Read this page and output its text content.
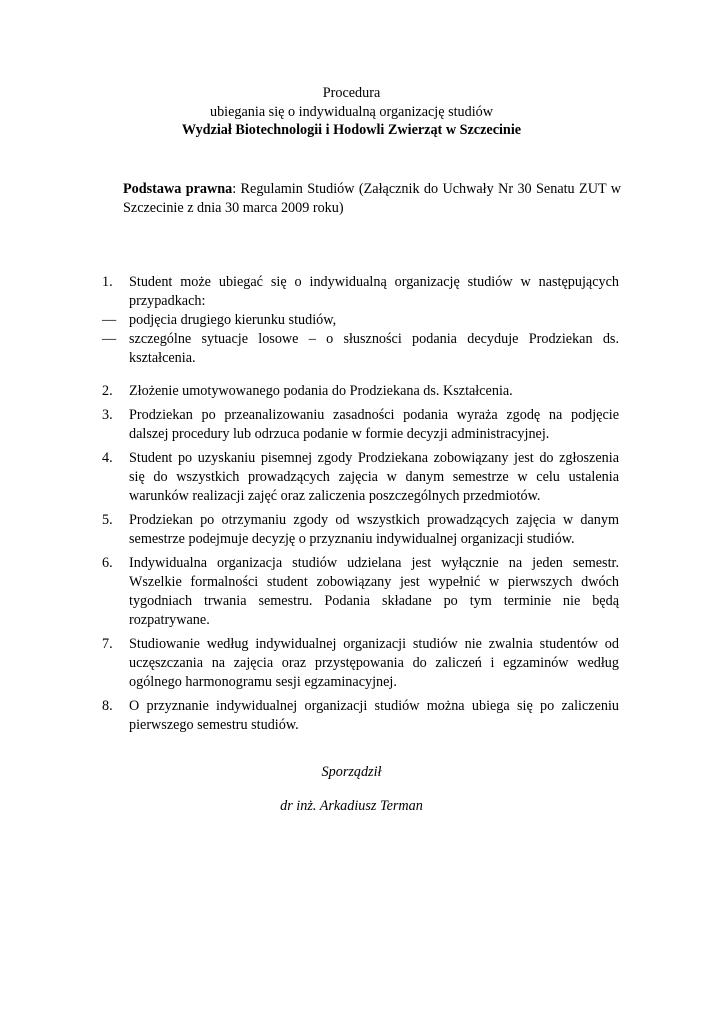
Procedura
ubiegania się o indywidualną organizację studiów
Wydział Biotechnologii i Hodowli Zwierząt w Szczecinie
Podstawa prawna: Regulamin Studiów (Załącznik do Uchwały Nr 30 Senatu ZUT w Szczecinie z dnia 30 marca 2009 roku)
1. Student może ubiegać się o indywidualną organizację studiów w następujących przypadkach:
— podjęcia drugiego kierunku studiów,
— szczególne sytuacje losowe – o słuszności podania decyduje Prodziekan ds. kształcenia.
2. Złożenie umotywowanego podania do Prodziekana ds. Kształcenia.
3. Prodziekan po przeanalizowaniu zasadności podania wyraża zgodę na podjęcie dalszej procedury lub odrzuca podanie w formie decyzji administracyjnej.
4. Student po uzyskaniu pisemnej zgody Prodziekana zobowiązany jest do zgłoszenia się do wszystkich prowadzących zajęcia w danym semestrze w celu ustalenia warunków realizacji zajęć oraz zaliczenia poszczególnych przedmiotów.
5. Prodziekan po otrzymaniu zgody od wszystkich prowadzących zajęcia w danym semestrze podejmuje decyzję o przyznaniu indywidualnej organizacji studiów.
6. Indywidualna organizacja studiów udzielana jest wyłącznie na jeden semestr. Wszelkie formalności student zobowiązany jest wypełnić w pierwszych dwóch tygodniach trwania semestru. Podania składane po tym terminie nie będą rozpatrywane.
7. Studiowanie według indywidualnej organizacji studiów nie zwalnia studentów od uczęszczania na zajęcia oraz przystępowania do zaliczeń i egzaminów według ogólnego harmonogramu sesji egzaminacyjnej.
8. O przyznanie indywidualnej organizacji studiów można ubiega się po zaliczeniu pierwszego semestru studiów.
Sporządził
dr inż. Arkadiusz Terman
